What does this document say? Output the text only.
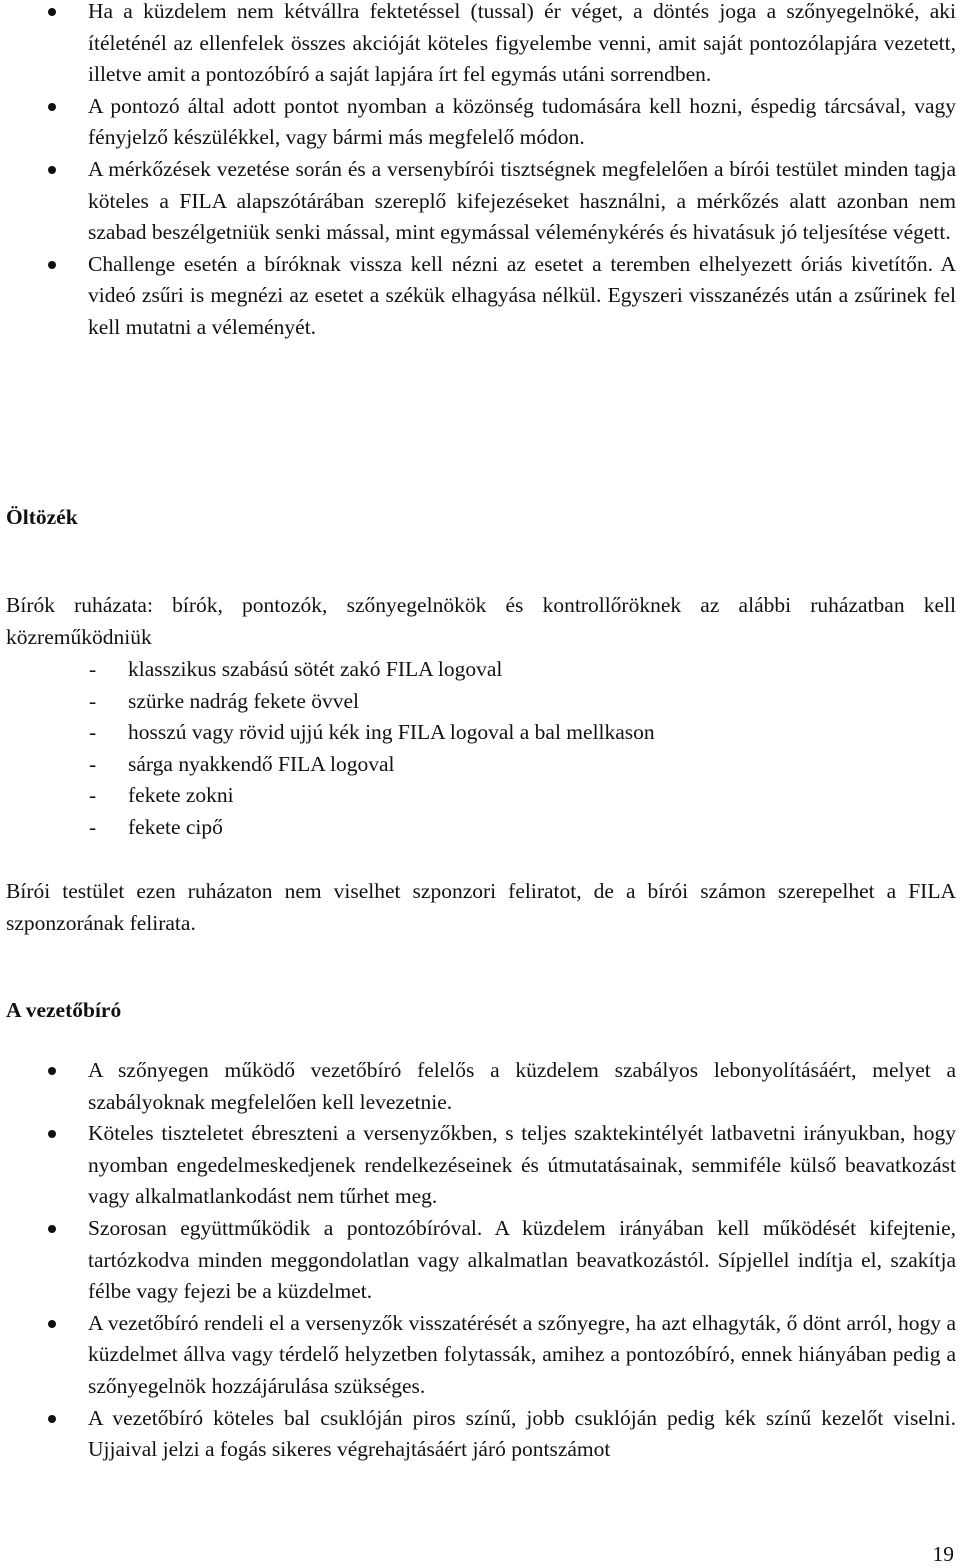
Ha a küzdelem nem kétvállra fektetéssel (tussal) ér véget, a döntés joga a szőnyegelnöké, aki ítéleténél az ellenfelek összes akcióját köteles figyelembe venni, amit saját pontozólapjára vezetett, illetve amit a pontozóbíró a saját lapjára írt fel egymás utáni sorrendben.
A pontozó által adott pontot nyomban a közönség tudomására kell hozni, éspedig tárcsával, vagy fényjelző készülékkel, vagy bármi más megfelelő módon.
A mérkőzések vezetése során és a versenybírói tisztségnek megfelelően a bírói testület minden tagja köteles a FILA alapszótárában szereplő kifejezéseket használni, a mérkőzés alatt azonban nem szabad beszélgetniük senki mással, mint egymással véleménykérés és hivatásuk jó teljesítése végett.
Challenge esetén a bíróknak vissza kell nézni az esetet a teremben elhelyezett óriás kivetítőn. A videó zsűri is megnézi az esetet a székük elhagyása nélkül. Egyszeri visszanézés után a zsűrinek fel kell mutatni a véleményét.
Öltözék

Bírók ruházata: bírók, pontozók, szőnyegelnökök és kontrollőröknek az alábbi ruházatban kell közreműködniük

- klasszikus szabású sötét zakó FILA logoval
- szürke nadrág fekete övvel
- hosszú vagy rövid ujjú kék ing FILA logoval a bal mellkason
- sárga nyakkendő FILA logoval
- fekete zokni
- fekete cipő

Bírói testület ezen ruházaton nem viselhet szponzori feliratot, de a bírói számon szerepelhet a FILA szponzorának felirata.

A vezetőbíró
A szőnyegen működő vezetőbíró felelős a küzdelem szabályos lebonyolításáért, melyet a szabályoknak megfelelően kell levezetnie.
Köteles tiszteletet ébreszteni a versenyzőkben, s teljes szaktekintélyét latbavetni irányukban, hogy nyomban engedelmeskedjenek rendelkezéseinek és útmutatásainak, semmiféle külső beavatkozást vagy alkalmatlankodást nem tűrhet meg.
Szorosan együttműködik a pontozóbíróval. A küzdelem irányában kell működését kifejtenie, tartózkodva minden meggondolatlan vagy alkalmatlan beavatkozástól. Sípjellel indítja el, szakítja félbe vagy fejezi be a küzdelmet.
A vezetőbíró rendeli el a versenyzők visszatérését a szőnyegre, ha azt elhagyták, ő dönt arról, hogy a küzdelmet állva vagy térdelő helyzetben folytassák, amihez a pontozóbíró, ennek hiányában pedig a szőnyegelnök hozzájárulása szükséges.
A vezetőbíró köteles bal csuklóján piros színű, jobb csuklóján pedig kék színű kezelőt viselni. Ujjaival jelzi a fogás sikeres végrehajtásáért járó pontszámot
19
